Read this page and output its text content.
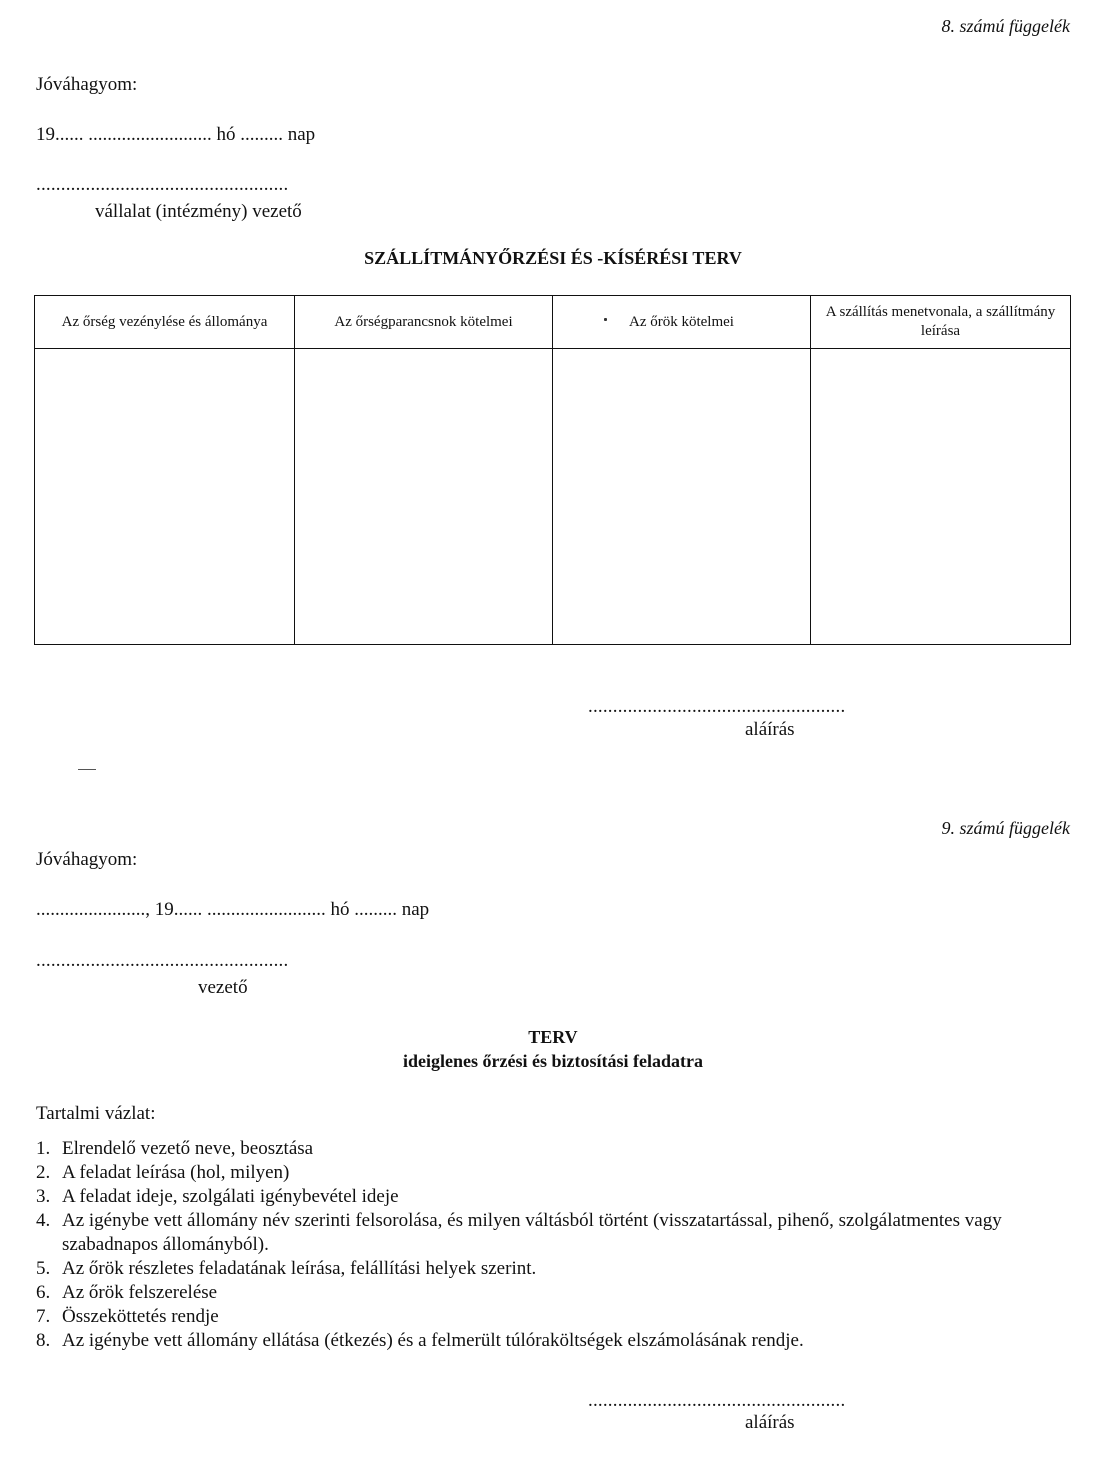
8. számú függelék
Jóváhagyom:
19...... .......................... hó ......... nap
...................................................
vállalat (intézmény) vezető
SZÁLLÍTMÁNYŐRZÉSI ÉS -KÍSÉRÉSI TERV
Az őrség vezénylése és állománya	Az őrségparancsnok kötelmei	Az őrök kötelmei	A szállítás menetvonala, a szállítmány leírása

....................................................
aláírás
9. számú függelék
Jóváhagyom:
......................., 19...... ......................... hó ......... nap
...................................................
vezető
TERV
ideiglenes őrzési és biztosítási feladatra
Tartalmi vázlat:
1. Elrendelő vezető neve, beosztása
2. A feladat leírása (hol, milyen)
3. A feladat ideje, szolgálati igénybevétel ideje
4. Az igénybe vett állomány név szerinti felsorolása, és milyen váltásból történt (visszatartással, pihenő, szolgálatmentes vagy szabadnapos állományból).
5. Az őrök részletes feladatának leírása, felállítási helyek szerint.
6. Az őrök felszerelése
7. Összeköttetés rendje
8. Az igénybe vett állomány ellátása (étkezés) és a felmerült túlóraköltségek elszámolásának rendje.
....................................................
aláírás
